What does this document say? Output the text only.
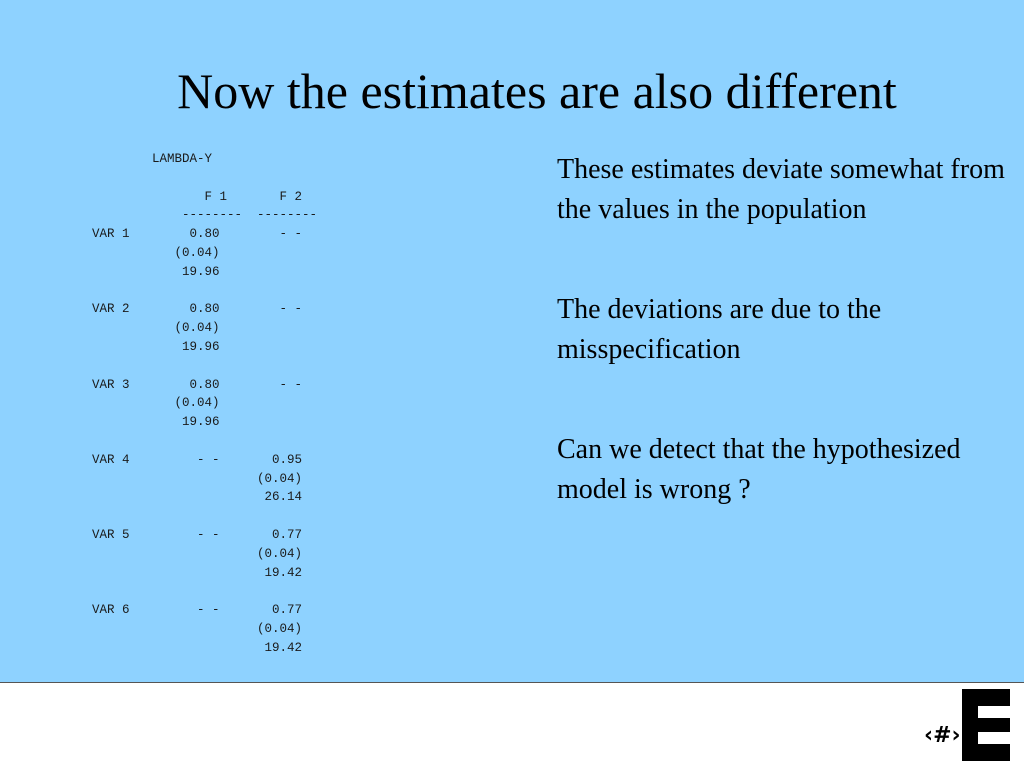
Now the estimates are also different
LAMBDA-Y

F 1       F 2
--------  --------
VAR 1        0.80        - -
(0.04)
19.96

VAR 2        0.80        - -
(0.04)
19.96

VAR 3        0.80        - -
(0.04)
19.96

VAR 4         - -       0.95
(0.04)
26.14

VAR 5         - -       0.77
(0.04)
19.42

VAR 6         - -       0.77
(0.04)
19.42

These estimates deviate somewhat from the values in the population

The deviations are due to the misspecification

Can we detect that the hypothesized model is wrong ?

‹#›
